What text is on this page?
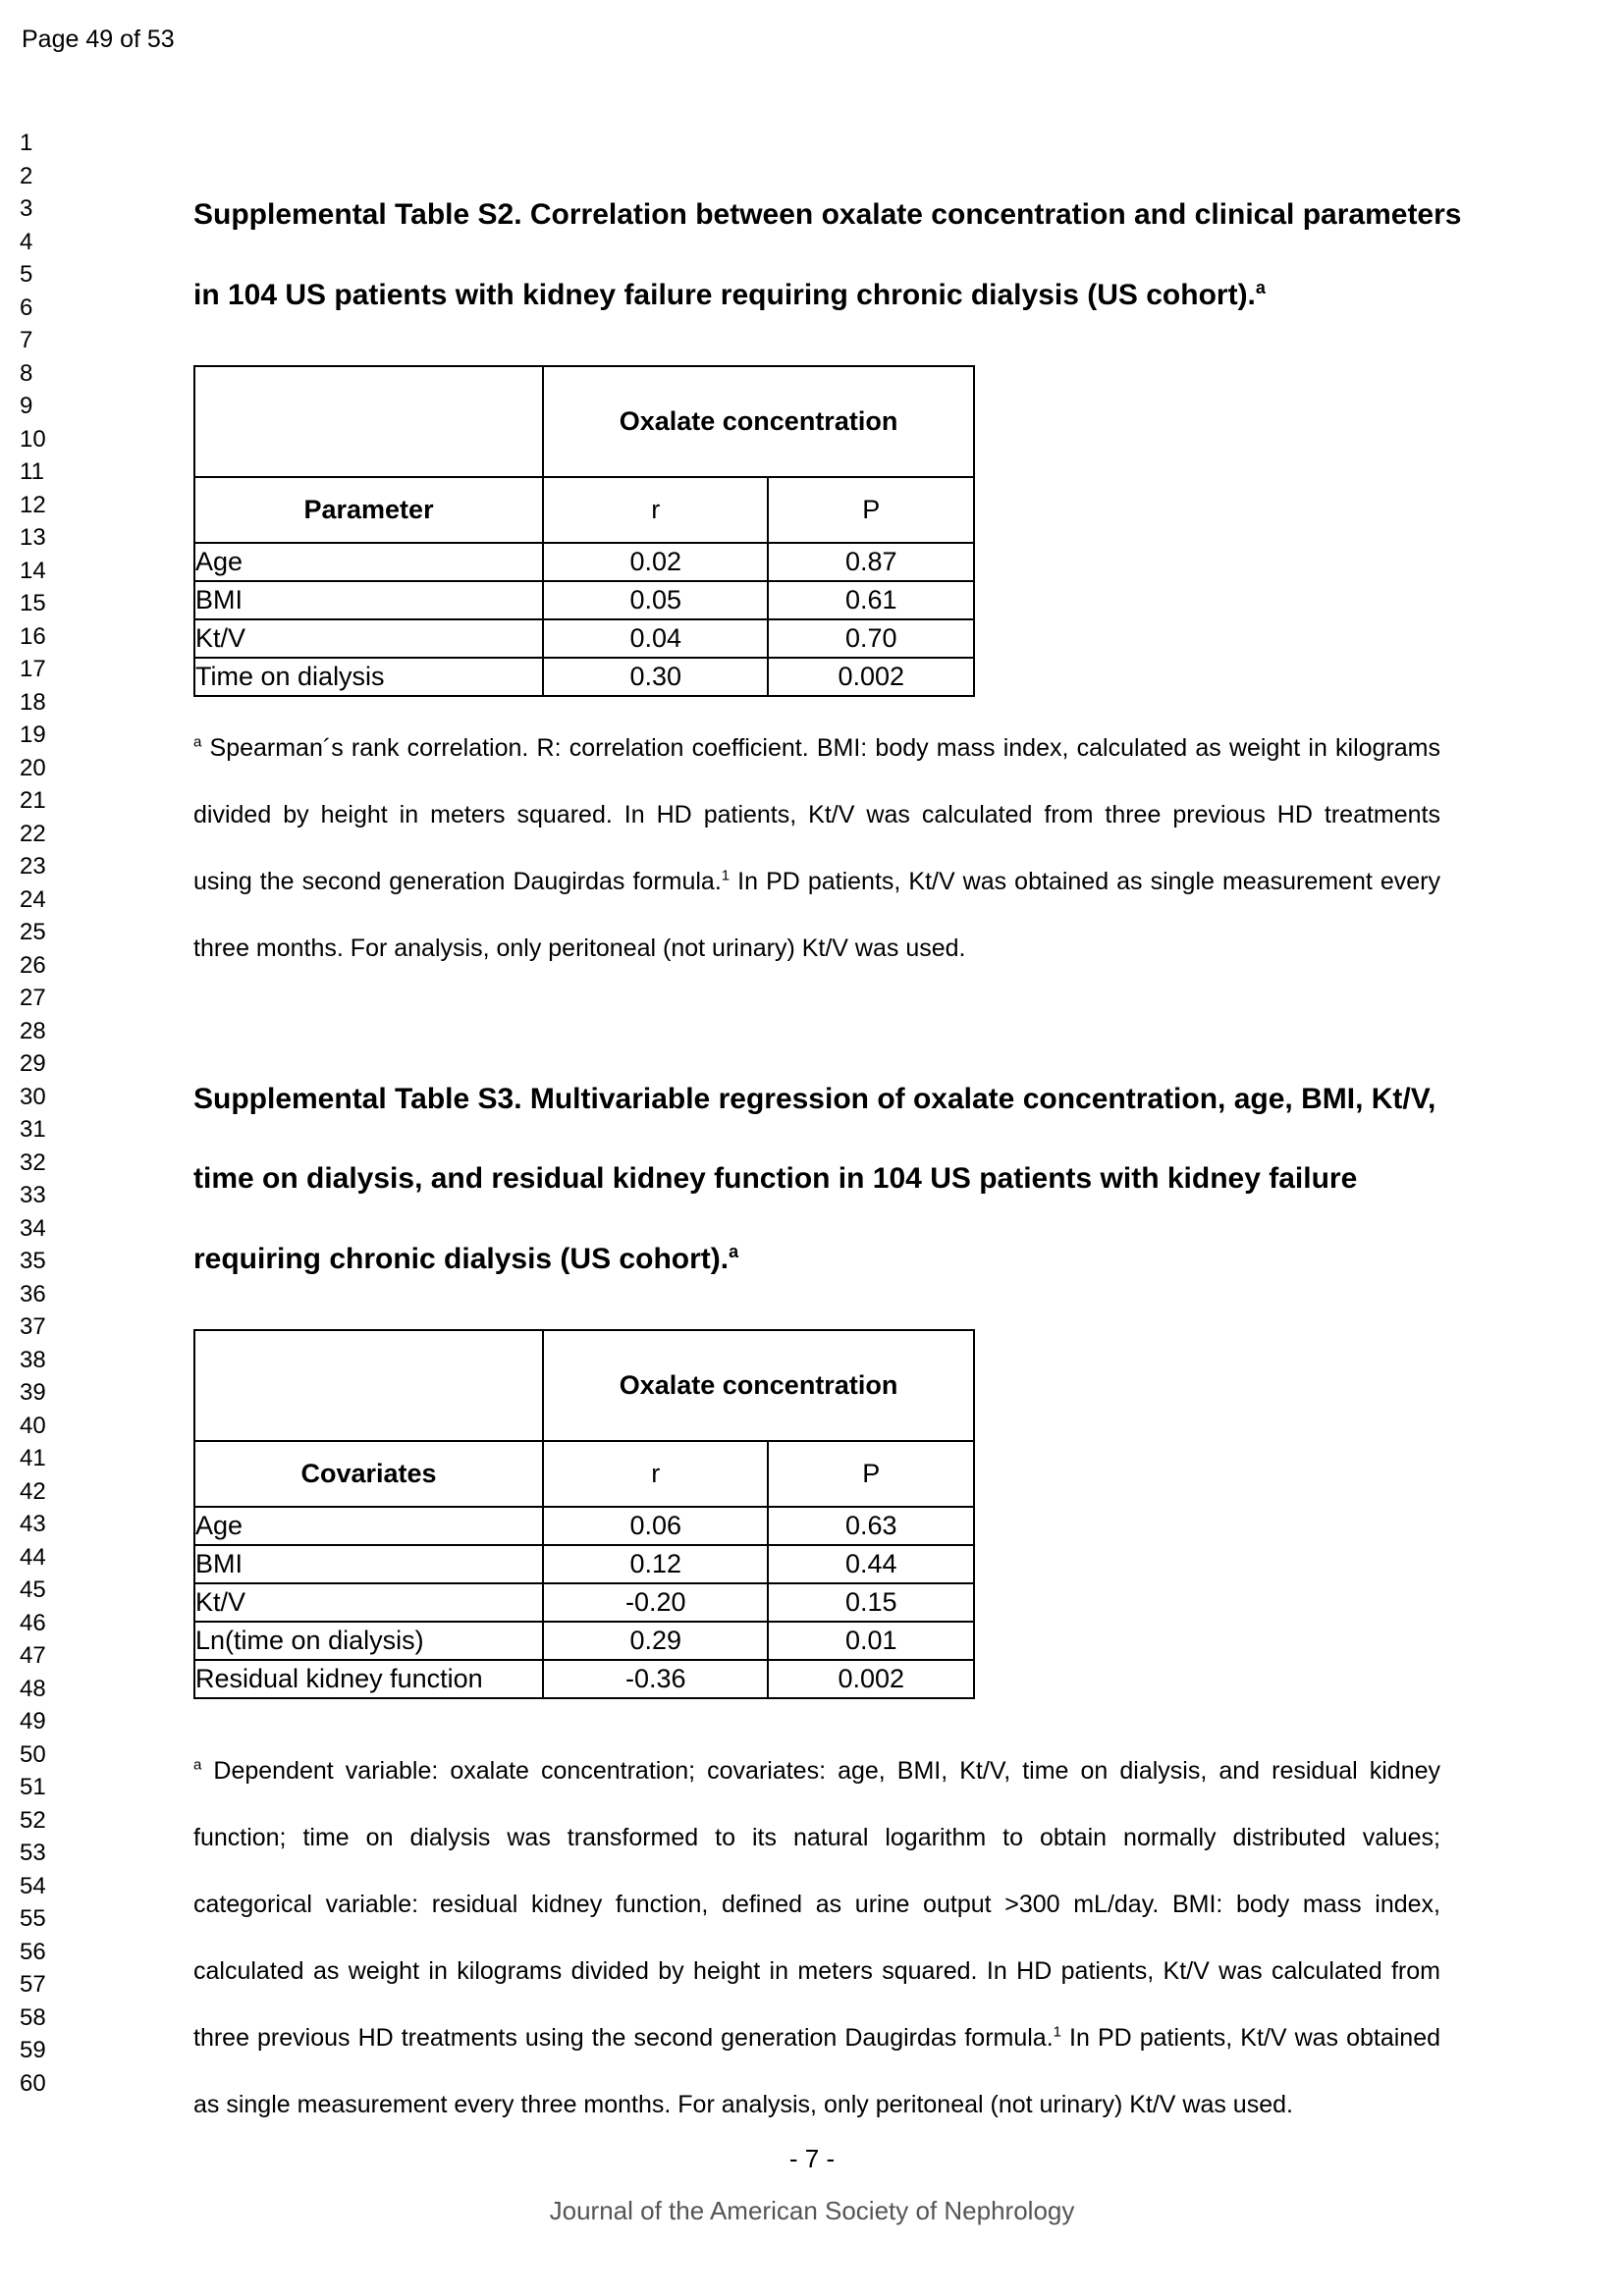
Page 49 of 53
1
2
3
4
5
6
7
8
9
10
11
12
13
14
15
16
17
18
19
20
21
22
23
24
25
26
27
28
29
30
31
32
33
34
35
36
37
38
39
40
41
42
43
44
45
46
47
48
49
50
51
52
53
54
55
56
57
58
59
60
Supplemental Table S2. Correlation between oxalate concentration and clinical parameters
in 104 US patients with kidney failure requiring chronic dialysis (US cohort).$^a$
	Oxalate concentration	
Parameter	r	P
Age	0.02	0.87
BMI	0.05	0.61
Kt/V	0.04	0.70
Time on dialysis	0.30	0.002
$^a$ Spearman´s rank correlation. R: correlation coefficient. BMI: body mass index, calculated as weight in kilograms
divided by height in meters squared. In HD patients, Kt/V was calculated from three previous HD treatments
using the second generation Daugirdas formula.$^1$ In PD patients, Kt/V was obtained as single measurement every
three months. For analysis, only peritoneal (not urinary) Kt/V was used.
Supplemental Table S3. Multivariable regression of oxalate concentration, age, BMI, Kt/V,
time on dialysis, and residual kidney function in 104 US patients with kidney failure
requiring chronic dialysis (US cohort).$^a$
	Oxalate concentration	
Covariates	r	P
Age	0.06	0.63
BMI	0.12	0.44
Kt/V	-0.20	0.15
Ln(time on dialysis)	0.29	0.01
Residual kidney function	-0.36	0.002
$^a$ Dependent variable: oxalate concentration; covariates: age, BMI, Kt/V, time on dialysis, and residual kidney
function; time on dialysis was transformed to its natural logarithm to obtain normally distributed values;
categorical variable: residual kidney function, defined as urine output >300 mL/day. BMI: body mass index,
calculated as weight in kilograms divided by height in meters squared. In HD patients, Kt/V was calculated from
three previous HD treatments using the second generation Daugirdas formula.$^1$ In PD patients, Kt/V was obtained
as single measurement every three months. For analysis, only peritoneal (not urinary) Kt/V was used.
- 7 -
Journal of the American Society of Nephrology
